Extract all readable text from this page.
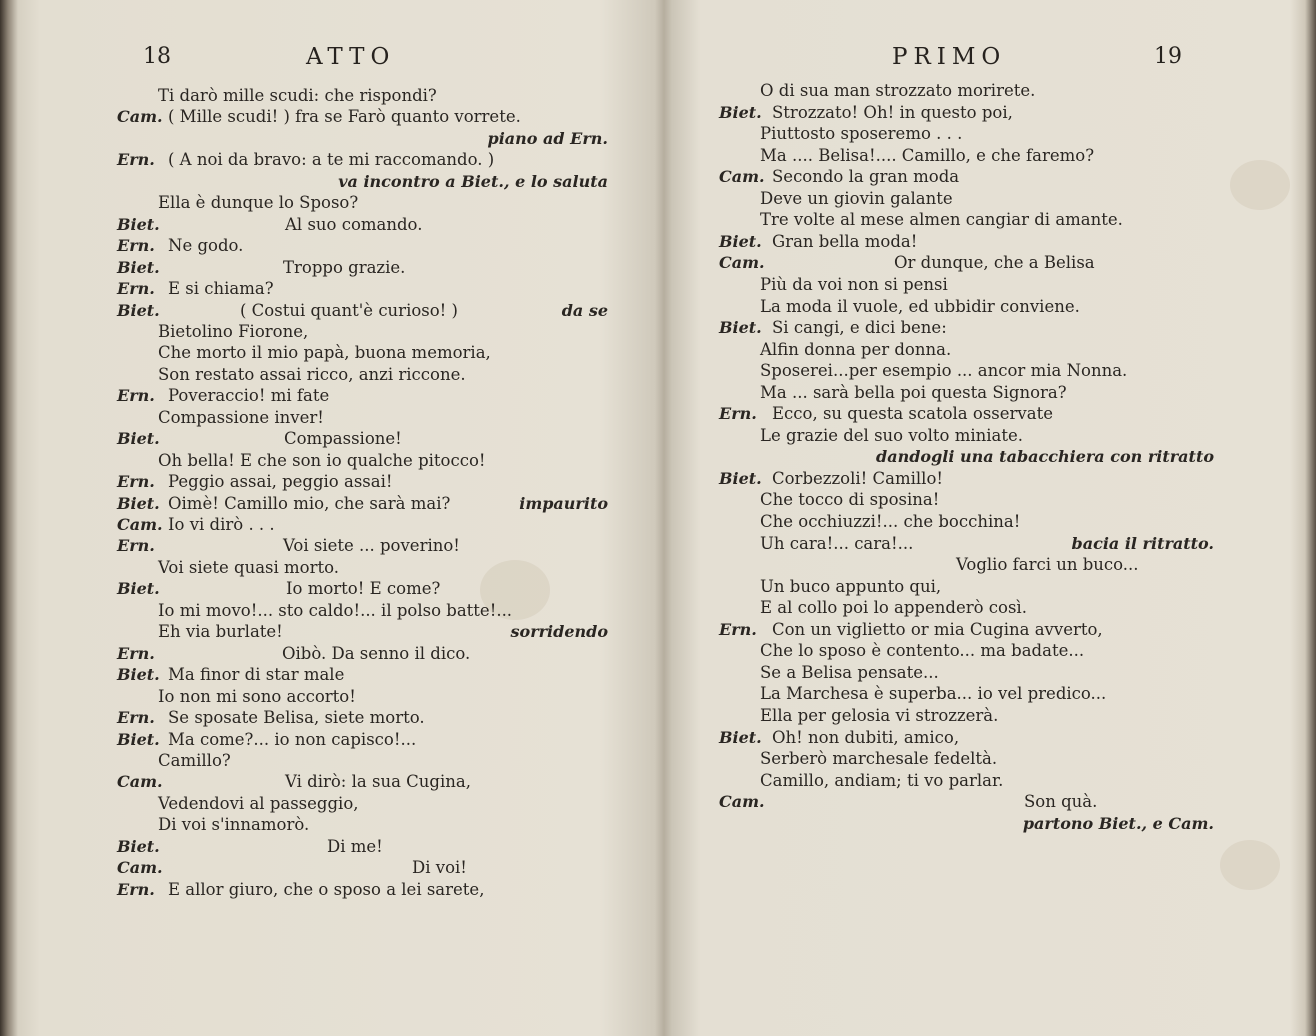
18	ATTO
Ti darò mille scudi: che rispondi?
Cam. ( Mille scudi! ) fra se Farò quanto vorrete.
piano ad Ern.
Ern. ( A noi da bravo: a te mi raccomando. )
va incontro a Biet., e lo saluta
Ella è dunque lo Sposo?
Biet.	Al suo comando.
Ern. Ne godo.
Biet.	Troppo grazie.
Ern. E si chiama?
Biet.	( Costui quant'è curioso! )	da se
Bietolino Fiorone,
Che morto il mio papà, buona memoria,
Son restato assai ricco, anzi riccone.
Ern. Poveraccio! mi fate
Compassione inver!
Biet.	Compassione!
Oh bella! E che son io qualche pitocco!
Ern. Peggio assai, peggio assai!
Biet. Oimè! Camillo mio, che sarà mai?	impaurito
Cam. Io vi dirò . . .
Ern.	Voi siete ... poverino!
Voi siete quasi morto.
Biet.	Io morto! E come?
Io mi movo!... sto caldo!... il polso batte!...
Eh via burlate!	sorridendo
Ern.	Oibò. Da senno il dico.
Biet. Ma finor di star male
Io non mi sono accorto!
Ern. Se sposate Belisa, siete morto.
Biet. Ma come?... io non capisco!...
Camillo?
Cam.	Vi dirò: la sua Cugina,
Vedendovi al passeggio,
Di voi s'innamorò.
Biet.	Di me!
Cam.	Di voi!
Ern. E allor giuro, che o sposo a lei sarete,
PRIMO	19
O di sua man strozzato morirete.
Biet. Strozzato! Oh! in questo poi,
Piuttosto sposeremo . . .
Ma .... Belisa!.... Camillo, e che faremo?
Cam. Secondo la gran moda
Deve un giovin galante
Tre volte al mese almen cangiar di amante.
Biet. Gran bella moda!
Cam.	Or dunque, che a Belisa
Più da voi non si pensi
La moda il vuole, ed ubbidir conviene.
Biet. Si cangi, e dici bene:
Alfin donna per donna.
Sposerei...per esempio ... ancor mia Nonna.
Ma ... sarà bella poi questa Signora?
Ern. Ecco, su questa scatola osservate
Le grazie del suo volto miniate.
dandogli una tabacchiera con ritratto
Biet. Corbezzoli! Camillo!
Che tocco di sposina!
Che occhiuzzi!... che bocchina!
Uh cara!... cara!...	bacia il ritratto.
Voglio farci un buco...
Un buco appunto qui,
E al collo poi lo appenderò così.
Ern. Con un viglietto or mia Cugina avverto,
Che lo sposo è contento... ma badate...
Se a Belisa pensate...
La Marchesa è superba... io vel predico...
Ella per gelosia vi strozzerà.
Biet. Oh! non dubiti, amico,
Serberò marchesale fedeltà.
Camillo, andiam; ti vo parlar.
Cam.	Son quà.
partono Biet., e Cam.
